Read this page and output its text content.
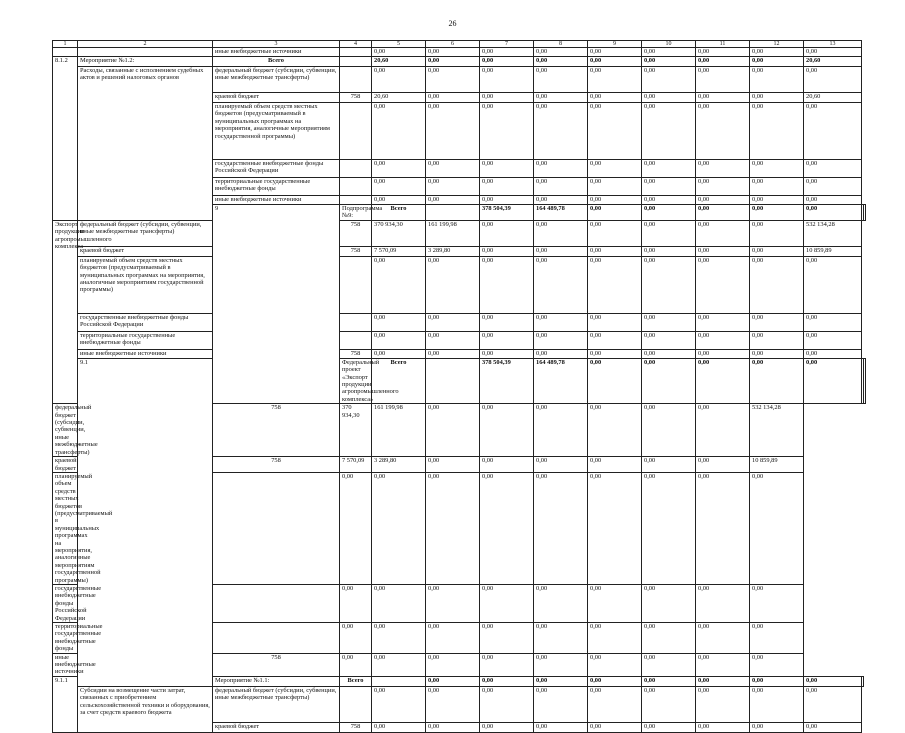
26
1	2	3	4	5	6	7	8	9	10	11	12	13		
		иные внебюджетные источники		0,00	0,00	0,00	0,00	0,00	0,00	0,00	0,00	0,00		
8.1.2	Мероприятие №1.2:	Всего		20,60	0,00	0,00	0,00	0,00	0,00	0,00	0,00	20,60		
	Расходы, связанные с исполнением судебных актов и решений налоговых органов	федеральный бюджет (субсидии, субвенции, иные межбюджетные трансферты)		0,00	0,00	0,00	0,00	0,00	0,00	0,00	0,00	0,00		
		краевой бюджет	758	20,60	0,00	0,00	0,00	0,00	0,00	0,00	0,00	20,60		
		планируемый объем средств местных бюджетов (предусматриваемый в муниципальных программах на мероприятия, аналогичные мероприятиям государственной программы)		0,00	0,00	0,00	0,00	0,00	0,00	0,00	0,00	0,00		
		государственные внебюджетные фонды Российской Федерации		0,00	0,00	0,00	0,00	0,00	0,00	0,00	0,00	0,00		
		территориальные государственные внебюджетные фонды		0,00	0,00	0,00	0,00	0,00	0,00	0,00	0,00	0,00		
		иные внебюджетные источники		0,00	0,00	0,00	0,00	0,00	0,00	0,00	0,00	0,00		
		9	Подпрограмма №9:	Всего		378 504,39	164 489,78	0,00	0,00	0,00	0,00	0,00		
Экспорт продукции агропромышленного комплекса	федеральный бюджет (субсидии, субвенции, иные межбюджетные трансферты)		758	370 934,30	161 199,98	0,00	0,00	0,00	0,00	0,00	0,00	532 134,28		
	краевой бюджет		758	7 570,09	3 289,80	0,00	0,00	0,00	0,00	0,00	0,00	10 859,89		
	планируемый объем средств местных бюджетов (предусматриваемый в муниципальных программах на мероприятия, аналогичные мероприятиям государственной программы)			0,00	0,00	0,00	0,00	0,00	0,00	0,00	0,00	0,00		
	государственные внебюджетные фонды Российской Федерации			0,00	0,00	0,00	0,00	0,00	0,00	0,00	0,00	0,00		
	территориальные государственные внебюджетные фонды			0,00	0,00	0,00	0,00	0,00	0,00	0,00	0,00	0,00		
	иные внебюджетные источники		758	0,00	0,00	0,00	0,00	0,00	0,00	0,00	0,00	0,00		
	9.1		Федеральный проект «Экспорт продукции агропромышленного комплекса»	Всего		378 504,39	164 489,78	0,00	0,00	0,00	0,00	0,00		
федеральный бюджет (субсидии, субвенции, иные межбюджетные трансферты)		758	370 934,30	161 199,98	0,00	0,00	0,00	0,00	0,00	0,00	532 134,28			
краевой бюджет		758	7 570,09	3 289,80	0,00	0,00	0,00	0,00	0,00	0,00	10 859,89			
планируемый объем средств местных бюджетов (предусматриваемый в муниципальных программах на мероприятия, аналогичные мероприятиям государственной программы)			0,00	0,00	0,00	0,00	0,00	0,00	0,00	0,00	0,00			
государственные внебюджетные фонды Российской Федерации			0,00	0,00	0,00	0,00	0,00	0,00	0,00	0,00	0,00			
территориальные государственные внебюджетные фонды			0,00	0,00	0,00	0,00	0,00	0,00	0,00	0,00	0,00			
иные внебюджетные источники		758	0,00	0,00	0,00	0,00	0,00	0,00	0,00	0,00	0,00			
9.1.1		Мероприятие №1.1:	Всего		0,00	0,00	0,00	0,00	0,00	0,00	0,00	0,00	
	Субсидии на возмещение части затрат, связанных с приобретением сельскохозяйственной техники и оборудования, за счет средств краевого бюджета	федеральный бюджет (субсидии, субвенции, иные межбюджетные трансферты)		0,00	0,00	0,00	0,00	0,00	0,00	0,00	0,00	0,00		
		краевой бюджет	758	0,00	0,00	0,00	0,00	0,00	0,00	0,00	0,00	0,00		
